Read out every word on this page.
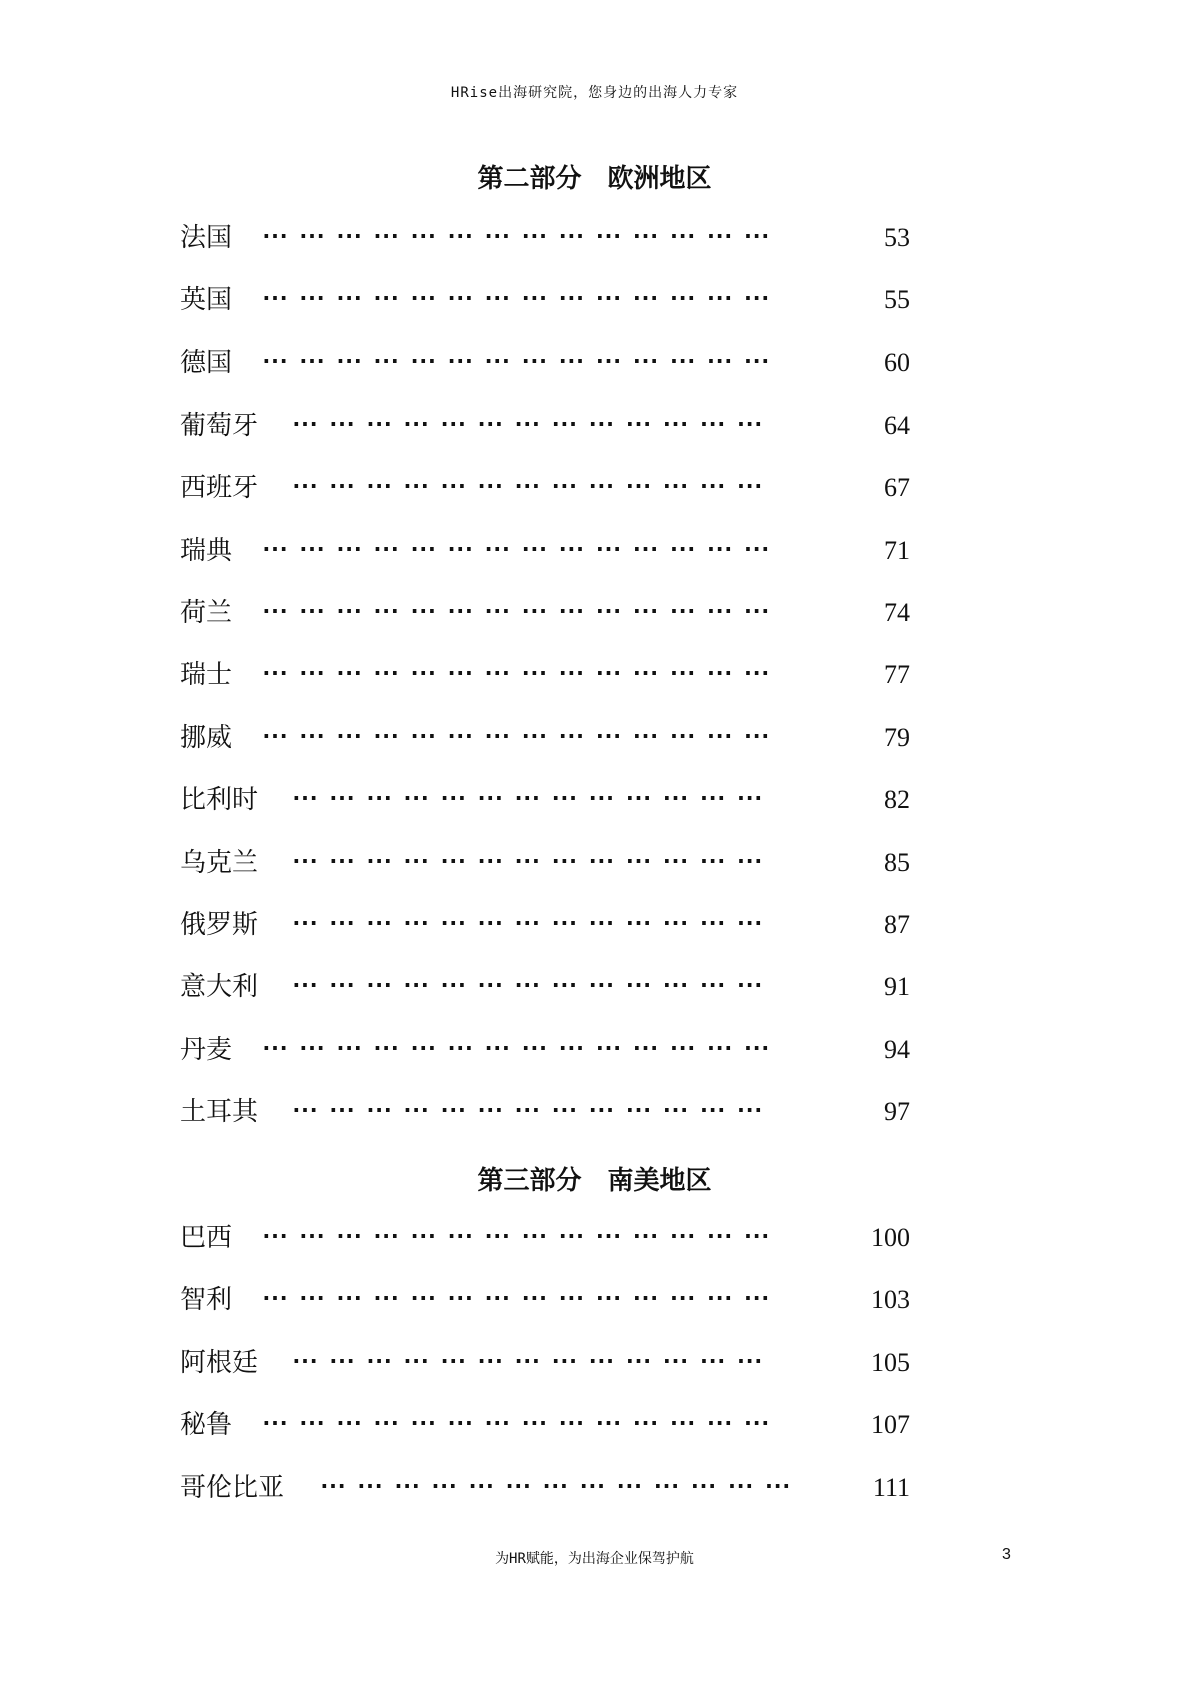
HRise出海研究院，您身边的出海人力专家
第二部分　欧洲地区
法国 ⋯ ⋯ ⋯ ⋯ ⋯ ⋯ ⋯ ⋯ ⋯ ⋯ ⋯ ⋯ ⋯ ⋯	53
英国 ⋯ ⋯ ⋯ ⋯ ⋯ ⋯ ⋯ ⋯ ⋯ ⋯ ⋯ ⋯ ⋯ ⋯	55
德国 ⋯ ⋯ ⋯ ⋯ ⋯ ⋯ ⋯ ⋯ ⋯ ⋯ ⋯ ⋯ ⋯ ⋯	60
葡萄牙 ⋯ ⋯ ⋯ ⋯ ⋯ ⋯ ⋯ ⋯ ⋯ ⋯ ⋯ ⋯ ⋯	64
西班牙 ⋯ ⋯ ⋯ ⋯ ⋯ ⋯ ⋯ ⋯ ⋯ ⋯ ⋯ ⋯ ⋯	67
瑞典 ⋯ ⋯ ⋯ ⋯ ⋯ ⋯ ⋯ ⋯ ⋯ ⋯ ⋯ ⋯ ⋯ ⋯	71
荷兰 ⋯ ⋯ ⋯ ⋯ ⋯ ⋯ ⋯ ⋯ ⋯ ⋯ ⋯ ⋯ ⋯ ⋯	74
瑞士 ⋯ ⋯ ⋯ ⋯ ⋯ ⋯ ⋯ ⋯ ⋯ ⋯ ⋯ ⋯ ⋯ ⋯	77
挪威 ⋯ ⋯ ⋯ ⋯ ⋯ ⋯ ⋯ ⋯ ⋯ ⋯ ⋯ ⋯ ⋯ ⋯	79
比利时 ⋯ ⋯ ⋯ ⋯ ⋯ ⋯ ⋯ ⋯ ⋯ ⋯ ⋯ ⋯ ⋯	82
乌克兰 ⋯ ⋯ ⋯ ⋯ ⋯ ⋯ ⋯ ⋯ ⋯ ⋯ ⋯ ⋯ ⋯	85
俄罗斯 ⋯ ⋯ ⋯ ⋯ ⋯ ⋯ ⋯ ⋯ ⋯ ⋯ ⋯ ⋯ ⋯	87
意大利 ⋯ ⋯ ⋯ ⋯ ⋯ ⋯ ⋯ ⋯ ⋯ ⋯ ⋯ ⋯ ⋯	91
丹麦 ⋯ ⋯ ⋯ ⋯ ⋯ ⋯ ⋯ ⋯ ⋯ ⋯ ⋯ ⋯ ⋯ ⋯	94
土耳其 ⋯ ⋯ ⋯ ⋯ ⋯ ⋯ ⋯ ⋯ ⋯ ⋯ ⋯ ⋯ ⋯	97
第三部分　南美地区
巴西 ⋯ ⋯ ⋯ ⋯ ⋯ ⋯ ⋯ ⋯ ⋯ ⋯ ⋯ ⋯ ⋯ ⋯	100
智利 ⋯ ⋯ ⋯ ⋯ ⋯ ⋯ ⋯ ⋯ ⋯ ⋯ ⋯ ⋯ ⋯ ⋯	103
阿根廷 ⋯ ⋯ ⋯ ⋯ ⋯ ⋯ ⋯ ⋯ ⋯ ⋯ ⋯ ⋯ ⋯	105
秘鲁 ⋯ ⋯ ⋯ ⋯ ⋯ ⋯ ⋯ ⋯ ⋯ ⋯ ⋯ ⋯ ⋯ ⋯	107
哥伦比亚 ⋯ ⋯ ⋯ ⋯ ⋯ ⋯ ⋯ ⋯ ⋯ ⋯ ⋯ ⋯ ⋯	111
为HR赋能，为出海企业保驾护航	3
